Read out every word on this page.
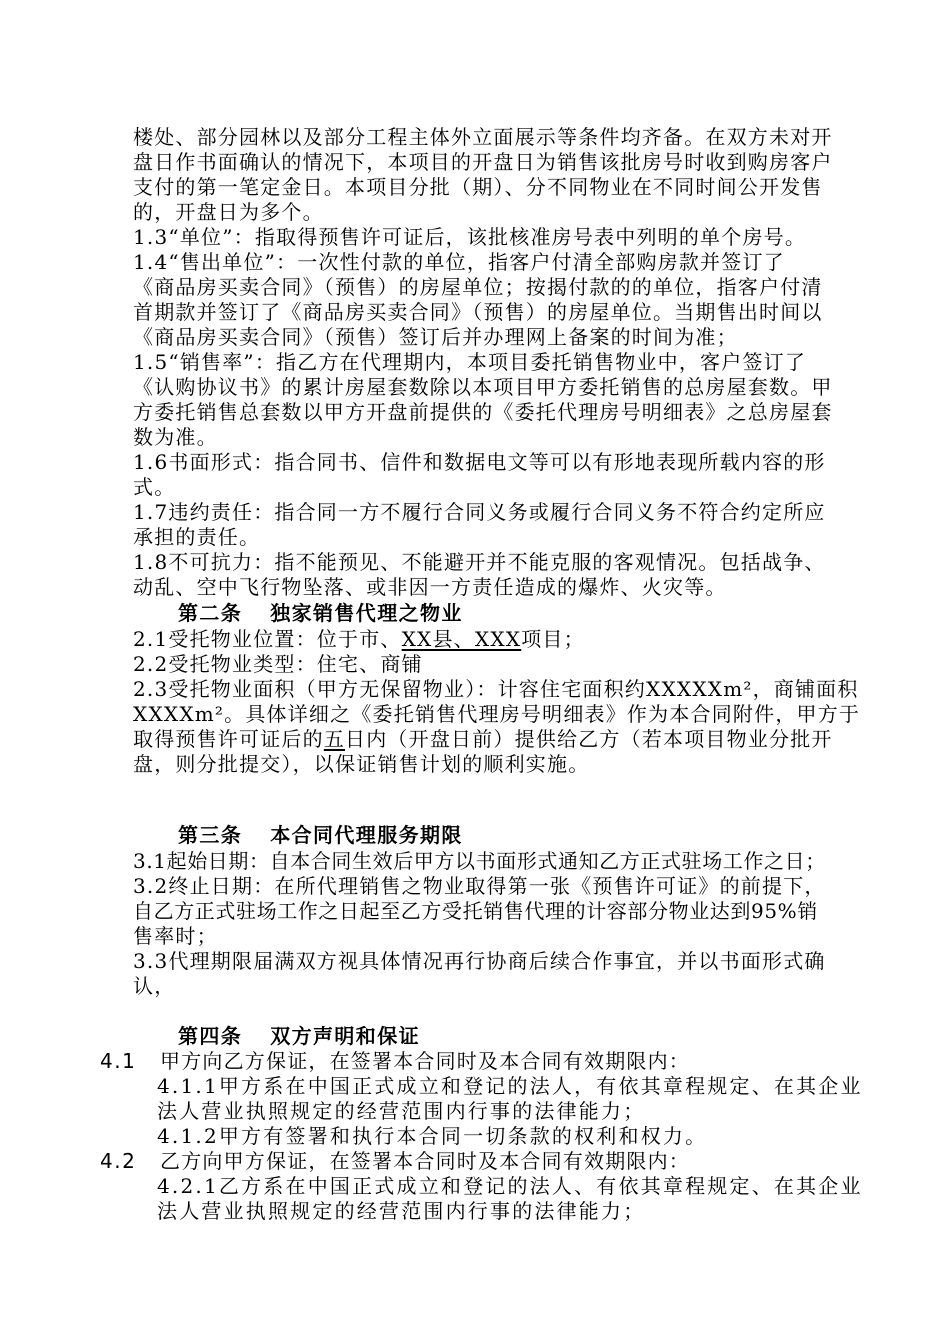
楼处、部分园林以及部分工程主体外立面展示等条件均齐备。在双方未对开
盘日作书面确认的情况下，本项目的开盘日为销售该批房号时收到购房客户
支付的第一笔定金日。本项目分批（期）、分不同物业在不同时间公开发售
的，开盘日为多个。
1.3“单位”：指取得预售许可证后，该批核准房号表中列明的单个房号。
1.4“售出单位”：一次性付款的单位，指客户付清全部购房款并签订了
《商品房买卖合同》（预售）的房屋单位；按揭付款的的单位，指客户付清
首期款并签订了《商品房买卖合同》（预售）的房屋单位。当期售出时间以
《商品房买卖合同》（预售）签订后并办理网上备案的时间为准；
1.5“销售率”：指乙方在代理期内，本项目委托销售物业中，客户签订了
《认购协议书》的累计房屋套数除以本项目甲方委托销售的总房屋套数。甲
方委托销售总套数以甲方开盘前提供的《委托代理房号明细表》之总房屋套
数为准。
1.6书面形式：指合同书、信件和数据电文等可以有形地表现所载内容的形
式。
1.7违约责任：指合同一方不履行合同义务或履行合同义务不符合约定所应
承担的责任。
1.8不可抗力：指不能预见、不能避开并不能克服的客观情况。包括战争、
动乱、空中飞行物坠落、或非因一方责任造成的爆炸、火灾等。
第二条 独家销售代理之物业
2.1受托物业位置：位于市、XX县、XXX项目；
2.2受托物业类型：住宅、商铺
2.3受托物业面积（甲方无保留物业）：计容住宅面积约XXXXXm²，商铺面积
XXXXm²。具体详细之《委托销售代理房号明细表》作为本合同附件，甲方于
取得预售许可证后的五日内（开盘日前）提供给乙方（若本项目物业分批开
盘，则分批提交），以保证销售计划的顺利实施。
第三条 本合同代理服务期限
3.1起始日期：自本合同生效后甲方以书面形式通知乙方正式驻场工作之日；
3.2终止日期：在所代理销售之物业取得第一张《预售许可证》的前提下，
自乙方正式驻场工作之日起至乙方受托销售代理的计容部分物业达到95%销
售率时；
3.3代理期限届满双方视具体情况再行协商后续合作事宜，并以书面形式确
认，
第四条 双方声明和保证
4.1 甲方向乙方保证，在签署本合同时及本合同有效期限内：
4.1.1甲方系在中国正式成立和登记的法人，有依其章程规定、在其企业
法人营业执照规定的经营范围内行事的法律能力；
4.1.2甲方有签署和执行本合同一切条款的权利和权力。
4.2 乙方向甲方保证，在签署本合同时及本合同有效期限内：
4.2.1乙方系在中国正式成立和登记的法人、有依其章程规定、在其企业
法人营业执照规定的经营范围内行事的法律能力；
